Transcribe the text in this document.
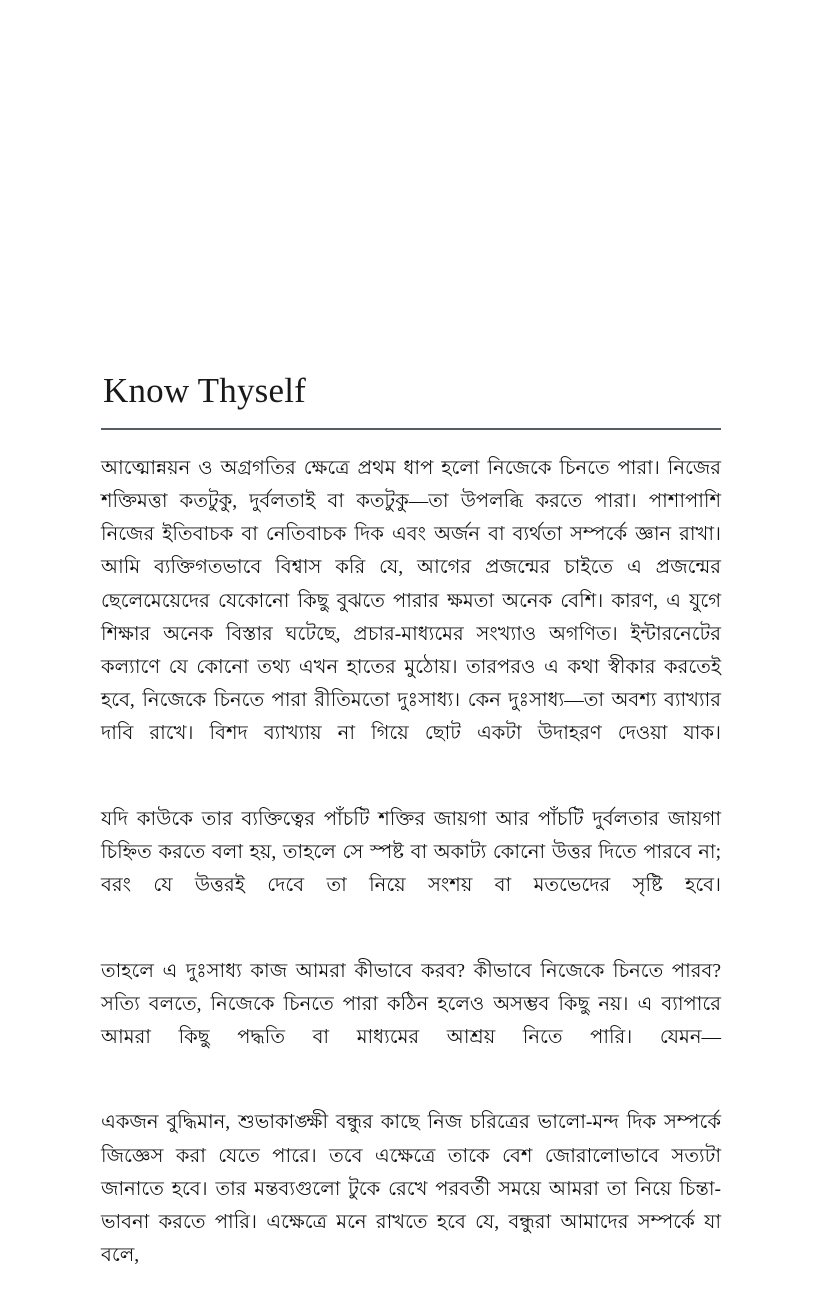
Know Thyself

আত্মোন্নয়ন ও অগ্রগতির ক্ষেত্রে প্রথম ধাপ হলো নিজেকে চিনতে পারা। নিজের শক্তিমত্তা কতটুকু, দুর্বলতাই বা কতটুকু—তা উপলব্ধি করতে পারা। পাশাপাশি নিজের ইতিবাচক বা নেতিবাচক দিক এবং অর্জন বা ব্যর্থতা সম্পর্কে জ্ঞান রাখা। আমি ব্যক্তিগতভাবে বিশ্বাস করি যে, আগের প্রজন্মের চাইতে এ প্রজন্মের ছেলেমেয়েদের যেকোনো কিছু বুঝতে পারার ক্ষমতা অনেক বেশি। কারণ, এ যুগে শিক্ষার অনেক বিস্তার ঘটেছে, প্রচার-মাধ্যমের সংখ্যাও অগণিত। ইন্টারনেটের কল্যাণে যে কোনো তথ্য এখন হাতের মুঠোয়। তারপরও এ কথা স্বীকার করতেই হবে, নিজেকে চিনতে পারা রীতিমতো দুঃসাধ্য। কেন দুঃসাধ্য—তা অবশ্য ব্যাখ্যার দাবি রাখে। বিশদ ব্যাখ্যায় না গিয়ে ছোট একটা উদাহরণ দেওয়া যাক।

যদি কাউকে তার ব্যক্তিত্বের পাঁচটি শক্তির জায়গা আর পাঁচটি দুর্বলতার জায়গা চিহ্নিত করতে বলা হয়, তাহলে সে স্পষ্ট বা অকাট্য কোনো উত্তর দিতে পারবে না; বরং যে উত্তরই দেবে তা নিয়ে সংশয় বা মতভেদের সৃষ্টি হবে।

তাহলে এ দুঃসাধ্য কাজ আমরা কীভাবে করব? কীভাবে নিজেকে চিনতে পারব? সত্যি বলতে, নিজেকে চিনতে পারা কঠিন হলেও অসম্ভব কিছু নয়। এ ব্যাপারে আমরা কিছু পদ্ধতি বা মাধ্যমের আশ্রয় নিতে পারি। যেমন—

একজন বুদ্ধিমান, শুভাকাঙ্ক্ষী বন্ধুর কাছে নিজ চরিত্রের ভালো-মন্দ দিক সম্পর্কে জিজ্ঞেস করা যেতে পারে। তবে এক্ষেত্রে তাকে বেশ জোরালোভাবে সত্যটা জানাতে হবে। তার মন্তব্যগুলো টুকে রেখে পরবর্তী সময়ে আমরা তা নিয়ে চিন্তা-ভাবনা করতে পারি। এক্ষেত্রে মনে রাখতে হবে যে, বন্ধুরা আমাদের সম্পর্কে যা বলে,
